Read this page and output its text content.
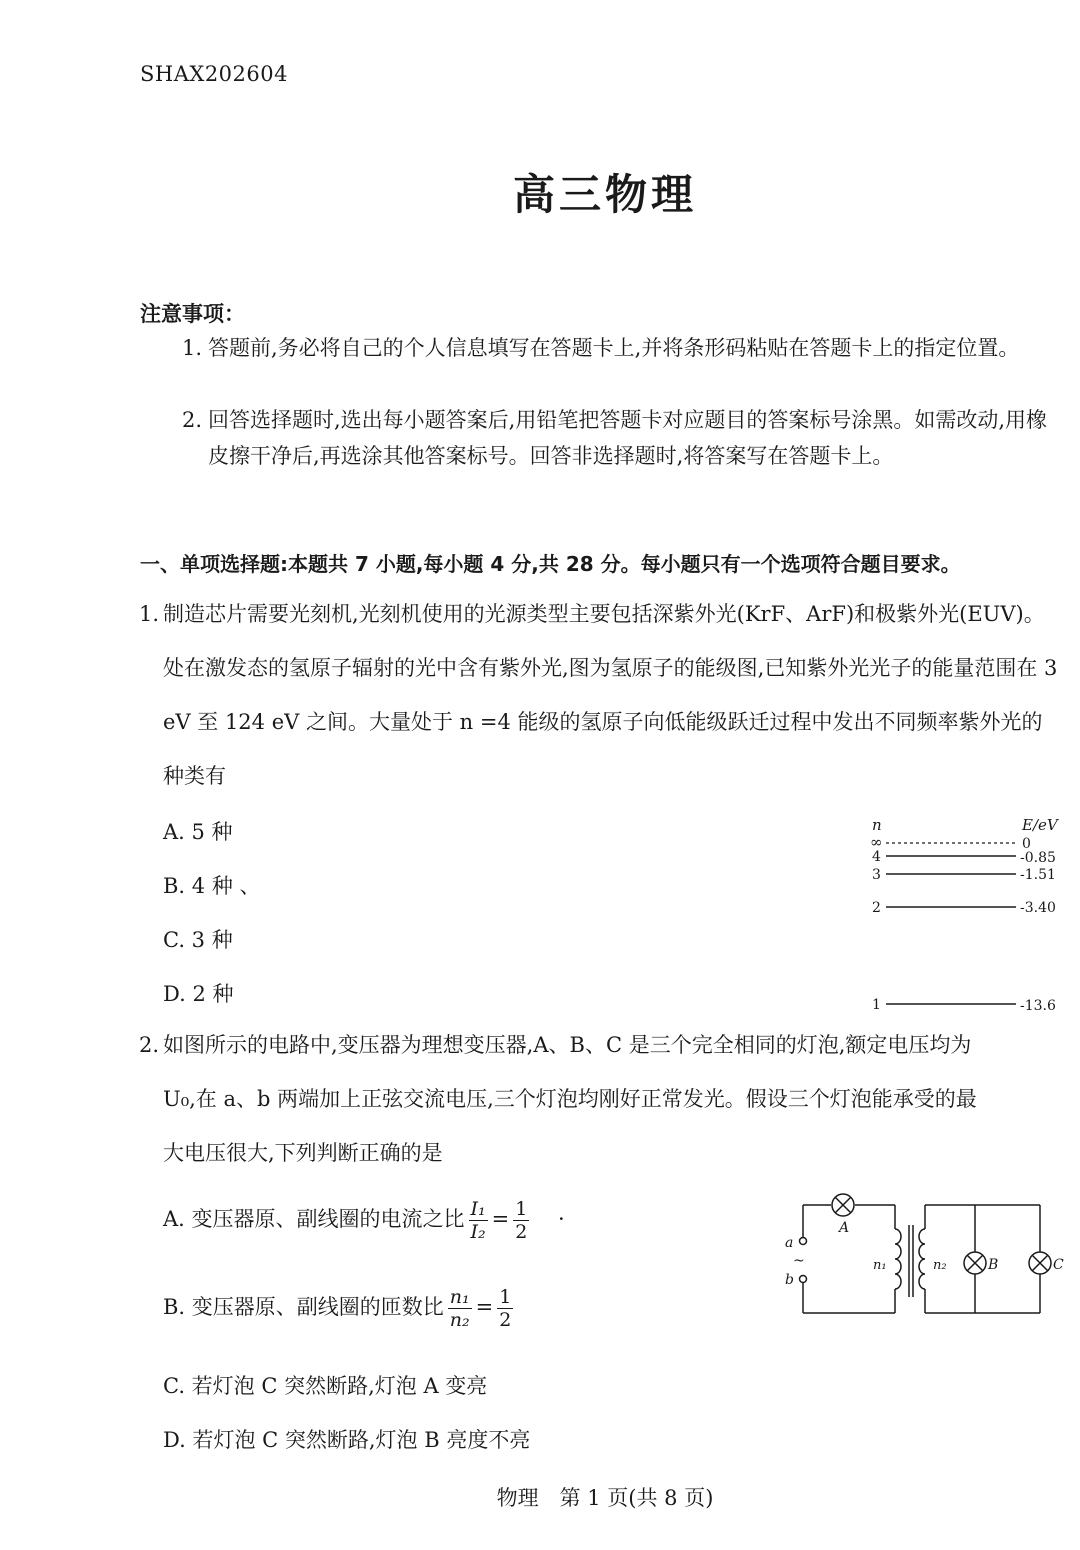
SHAX202604
高三物理
注意事项：
1. 答题前,务必将自己的个人信息填写在答题卡上,并将条形码粘贴在答题卡上的指定位置。
2. 回答选择题时,选出每小题答案后,用铅笔把答题卡对应题目的答案标号涂黑。如需改动,用橡皮擦干净后,再选涂其他答案标号。回答非选择题时,将答案写在答题卡上。
一、单项选择题:本题共 7 小题,每小题 4 分,共 28 分。每小题只有一个选项符合题目要求。
1. 制造芯片需要光刻机,光刻机使用的光源类型主要包括深紫外光(KrF、ArF)和极紫外光(EUV)。处在激发态的氢原子辐射的光中含有紫外光,图为氢原子的能级图,已知紫外光光子的能量范围在 3 eV 至 124 eV 之间。大量处于 n =4 能级的氢原子向低能级跃迁过程中发出不同频率紫外光的种类有
A. 5 种
B. 4 种 、
C. 3 种
D. 2 种
n	E/eV
∞	0
4	-0.85
3	-1.51
2	-3.40
1	-13.6
2. 如图所示的电路中,变压器为理想变压器,A、B、C 是三个完全相同的灯泡,额定电压均为
U₀,在 a、b 两端加上正弦交流电压,三个灯泡均刚好正常发光。假设三个灯泡能承受的最
大电压很大,下列判断正确的是
A. 变压器原、副线圈的电流之比 $\frac{\text{I₁}}{\text{I₂}} = \frac{1}{2}$ ·
B. 变压器原、副线圈的匝数比 $\frac{\text{n₁}}{\text{n₂}} = \frac{1}{2}$
C. 若灯泡 C 突然断路,灯泡 A 变亮
D. 若灯泡 C 突然断路,灯泡 B 亮度不亮
a
~
b
A
n₁	n₂	B	C
物理　第 1 页(共 8 页)
